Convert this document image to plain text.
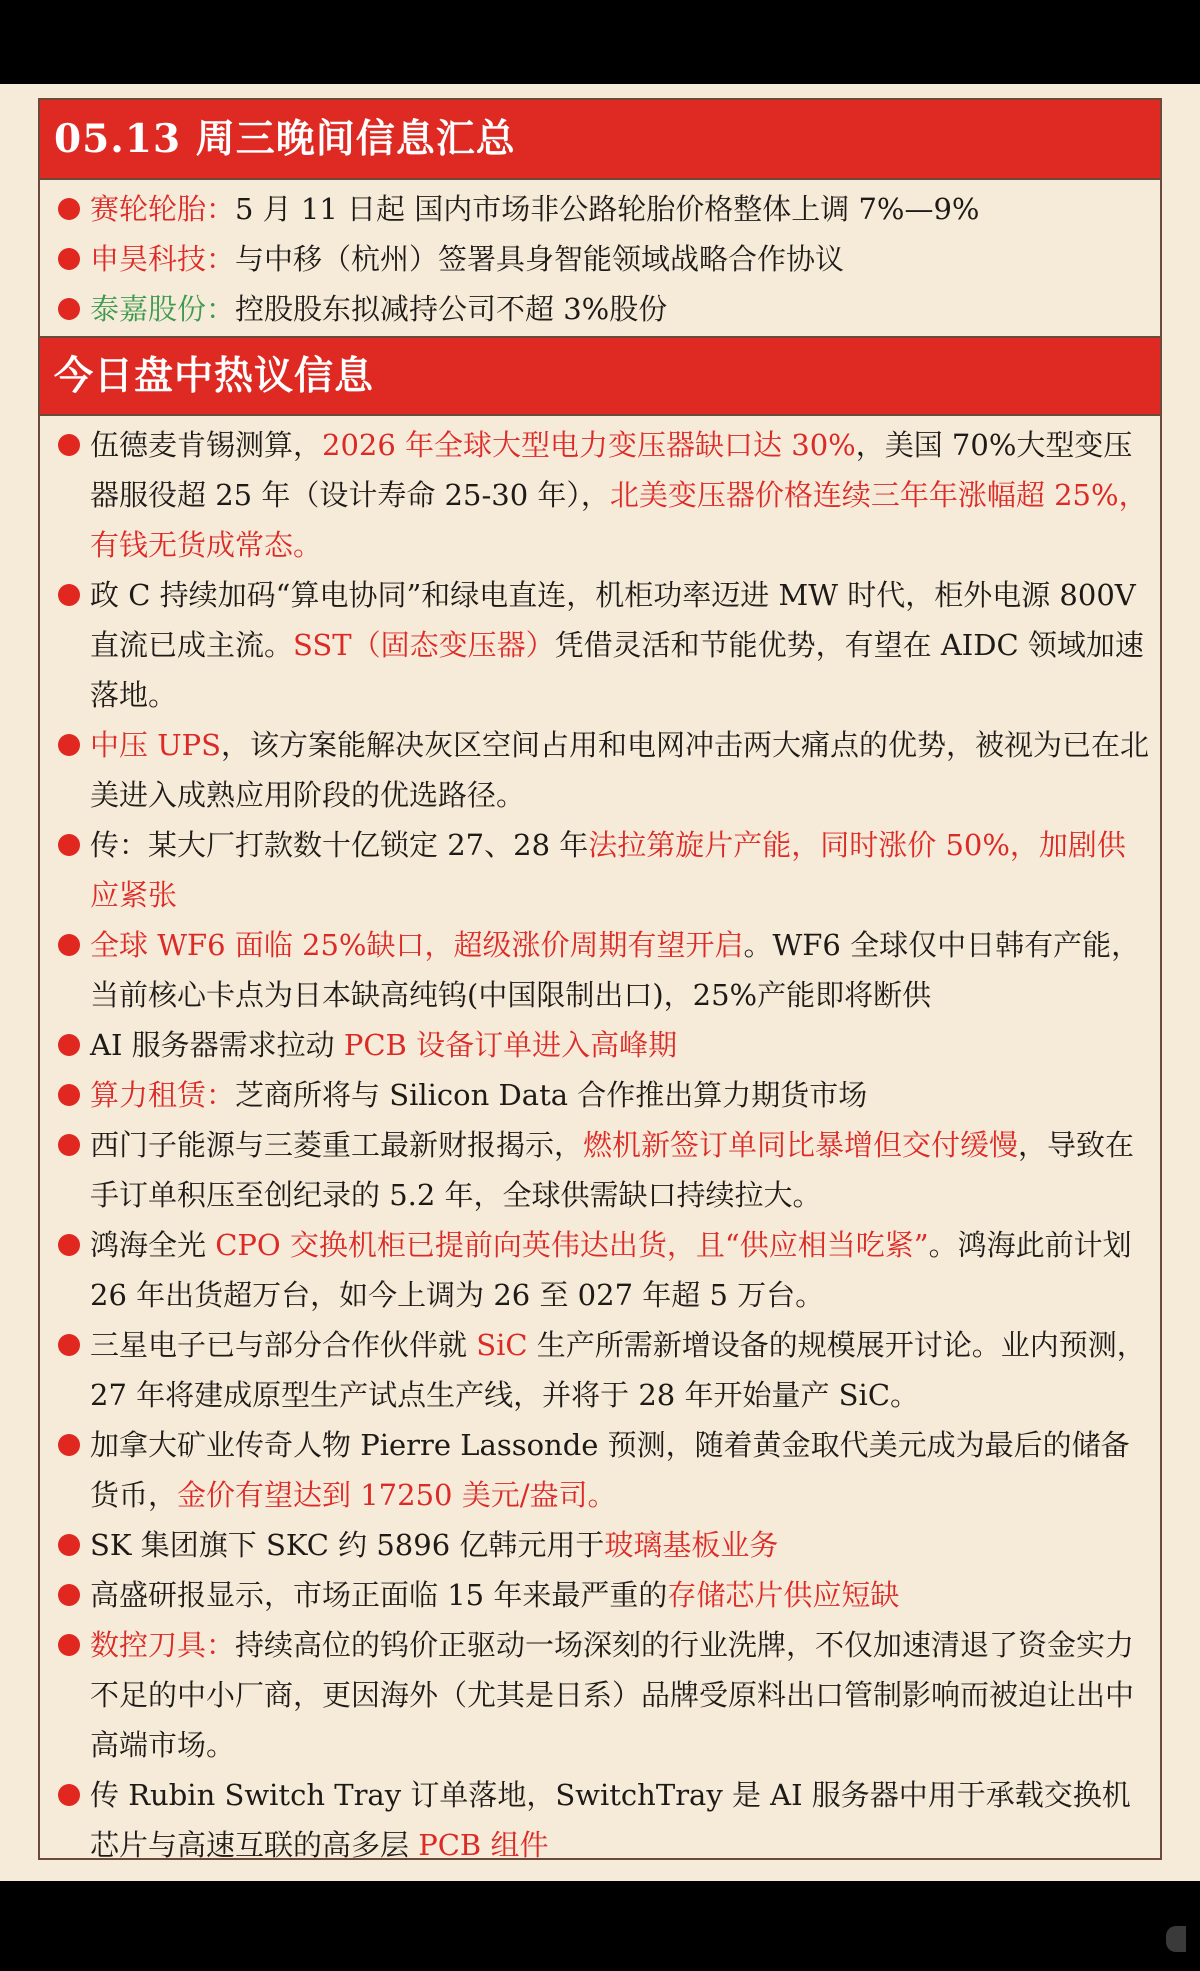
05.13 周三晚间信息汇总
赛轮轮胎：5 月 11 日起 国内市场非公路轮胎价格整体上调 7%—9%
申昊科技：与中移（杭州）签署具身智能领域战略合作协议
泰嘉股份：控股股东拟减持公司不超 3%股份
今日盘中热议信息
伍德麦肯锡测算，2026 年全球大型电力变压器缺口达 30%，美国 70%大型变压器服役超 25 年（设计寿命 25-30 年），北美变压器价格连续三年年涨幅超 25%，有钱无货成常态。
政 C 持续加码“算电协同”和绿电直连，机柜功率迈进 MW 时代，柜外电源 800V 直流已成主流。SST（固态变压器）凭借灵活和节能优势，有望在 AIDC 领域加速落地。
中压 UPS，该方案能解决灰区空间占用和电网冲击两大痛点的优势，被视为已在北美进入成熟应用阶段的优选路径。
传：某大厂打款数十亿锁定 27、28 年法拉第旋片产能，同时涨价 50%，加剧供应紧张
全球 WF6 面临 25%缺口，超级涨价周期有望开启。WF6 全球仅中日韩有产能，当前核心卡点为日本缺高纯钨(中国限制出口)，25%产能即将断供
AI 服务器需求拉动 PCB 设备订单进入高峰期
算力租赁：芝商所将与 Silicon Data 合作推出算力期货市场
西门子能源与三菱重工最新财报揭示，燃机新签订单同比暴增但交付缓慢，导致在手订单积压至创纪录的 5.2 年，全球供需缺口持续拉大。
鸿海全光 CPO 交换机柜已提前向英伟达出货，且“供应相当吃紧”。鸿海此前计划 26 年出货超万台，如今上调为 26 至 027 年超 5 万台。
三星电子已与部分合作伙伴就 SiC 生产所需新增设备的规模展开讨论。业内预测，27 年将建成原型生产试点生产线，并将于 28 年开始量产 SiC。
加拿大矿业传奇人物 Pierre Lassonde 预测，随着黄金取代美元成为最后的储备货币，金价有望达到 17250 美元/盎司。
SK 集团旗下 SKC 约 5896 亿韩元用于玻璃基板业务
高盛研报显示，市场正面临 15 年来最严重的存储芯片供应短缺
数控刀具：持续高位的钨价正驱动一场深刻的行业洗牌，不仅加速清退了资金实力不足的中小厂商，更因海外（尤其是日系）品牌受原料出口管制影响而被迫让出中高端市场。
传 Rubin Switch Tray 订单落地，SwitchTray 是 AI 服务器中用于承载交换机芯片与高速互联的高多层 PCB 组件
